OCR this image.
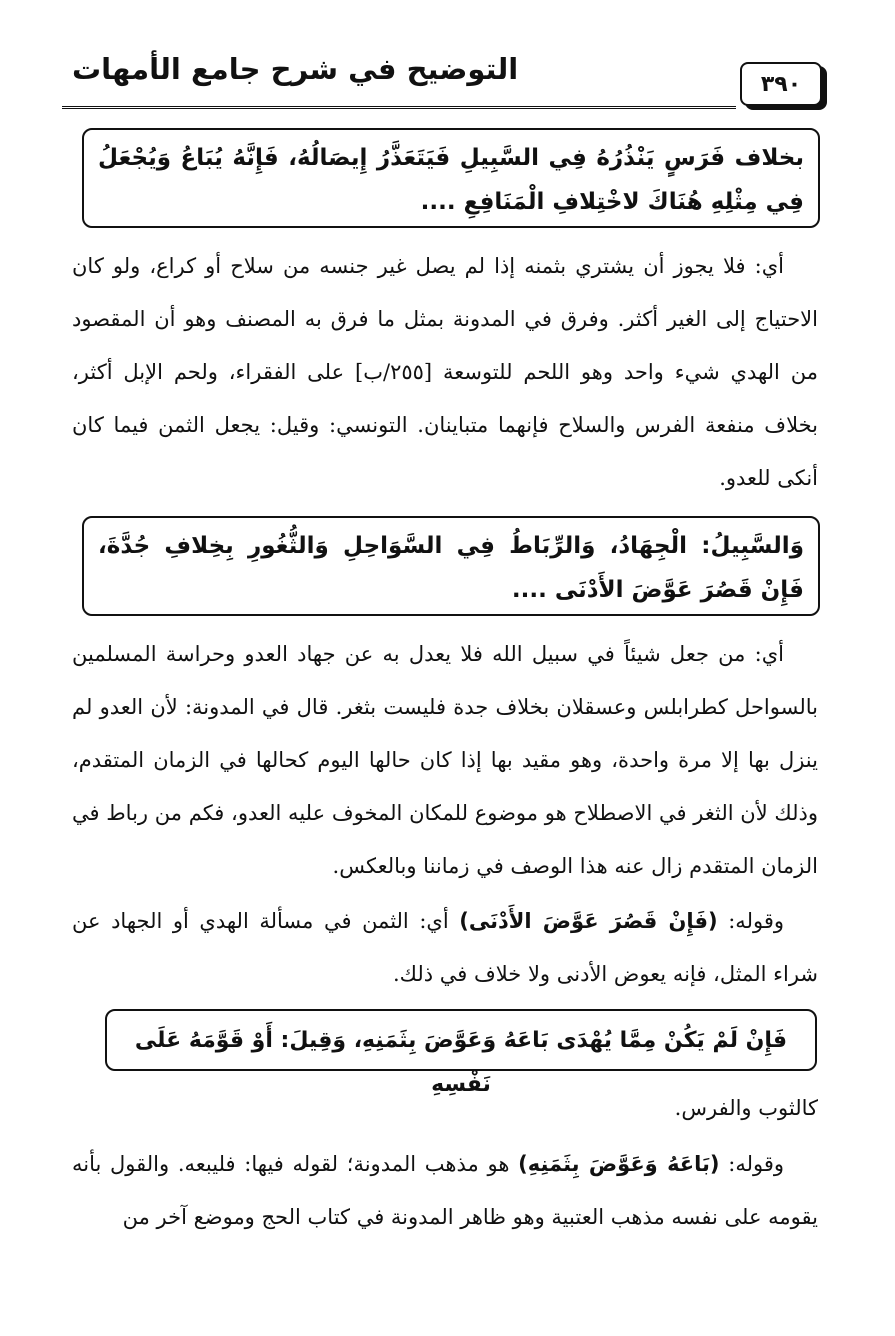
التوضيح في شرح جامع الأمهات	٣٩٠
بخلاف فَرَسٍ يَنْذُرُهُ فِي السَّبِيلِ فَيَتَعَذَّرُ إِيصَالُهُ، فَإِنَّهُ يُبَاعُ وَيُجْعَلُ فِي مِثْلِهِ هُنَاكَ لاخْتِلافِ الْمَنَافِعِ ....
أي: فلا يجوز أن يشتري بثمنه إذا لم يصل غير جنسه من سلاح أو كراع، ولو كان الاحتياج إلى الغير أكثر. وفرق في المدونة بمثل ما فرق به المصنف وهو أن المقصود من الهدي شيء واحد وهو اللحم للتوسعة [٢٥٥/ب] على الفقراء، ولحم الإبل أكثر، بخلاف منفعة الفرس والسلاح فإنهما متباينان. التونسي: وقيل: يجعل الثمن فيما كان أنكى للعدو.
وَالسَّبِيلُ: الْجِهَادُ، وَالرِّبَاطُ فِي السَّوَاحِلِ وَالثُّغُورِ بِخِلافِ جُدَّةَ، فَإِنْ قَصُرَ عَوَّضَ الأَدْنَى ....
أي: من جعل شيئاً في سبيل الله فلا يعدل به عن جهاد العدو وحراسة المسلمين بالسواحل كطرابلس وعسقلان بخلاف جدة فليست بثغر. قال في المدونة: لأن العدو لم ينزل بها إلا مرة واحدة، وهو مقيد بها إذا كان حالها اليوم كحالها في الزمان المتقدم، وذلك لأن الثغر في الاصطلاح هو موضوع للمكان المخوف عليه العدو، فكم من رباط في الزمان المتقدم زال عنه هذا الوصف في زماننا وبالعكس.
وقوله: (فَإِنْ قَصُرَ عَوَّضَ الأَدْنَى) أي: الثمن في مسألة الهدي أو الجهاد عن شراء المثل، فإنه يعوض الأدنى ولا خلاف في ذلك.
فَإِنْ لَمْ يَكُنْ مِمَّا يُهْدَى بَاعَهُ وَعَوَّضَ بِثَمَنِهِ، وَقِيلَ: أَوْ قَوَّمَهُ عَلَى نَفْسِهِ
كالثوب والفرس.
وقوله: (بَاعَهُ وَعَوَّضَ بِثَمَنِهِ) هو مذهب المدونة؛ لقوله فيها: فليبعه. والقول بأنه يقومه على نفسه مذهب العتبية وهو ظاهر المدونة في كتاب الحج وموضع آخر من
